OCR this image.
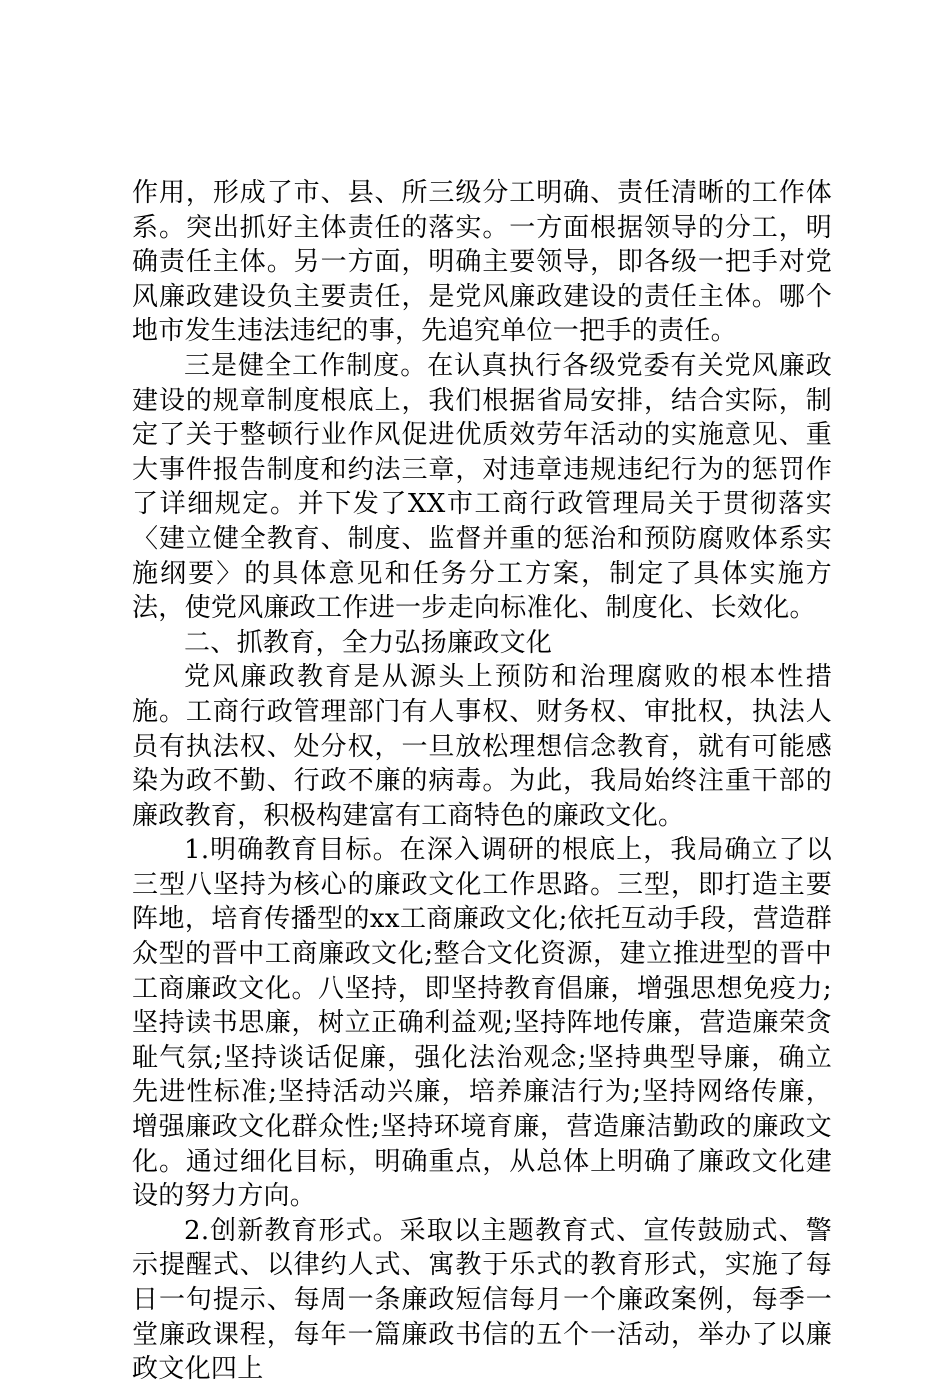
作用，形成了市、县、所三级分工明确、责任清晰的工作体系。突出抓好主体责任的落实。一方面根据领导的分工，明确责任主体。另一方面，明确主要领导，即各级一把手对党风廉政建设负主要责任，是党风廉政建设的责任主体。哪个地市发生违法违纪的事，先追究单位一把手的责任。

三是健全工作制度。在认真执行各级党委有关党风廉政建设的规章制度根底上，我们根据省局安排，结合实际，制定了关于整顿行业作风促进优质效劳年活动的实施意见、重大事件报告制度和约法三章，对违章违规违纪行为的惩罚作了详细规定。并下发了XX市工商行政管理局关于贯彻落实〈建立健全教育、制度、监督并重的惩治和预防腐败体系实施纲要〉的具体意见和任务分工方案，制定了具体实施方法，使党风廉政工作进一步走向标准化、制度化、长效化。

二、抓教育，全力弘扬廉政文化

党风廉政教育是从源头上预防和治理腐败的根本性措施。工商行政管理部门有人事权、财务权、审批权，执法人员有执法权、处分权，一旦放松理想信念教育，就有可能感染为政不勤、行政不廉的病毒。为此，我局始终注重干部的廉政教育，积极构建富有工商特色的廉政文化。

1.明确教育目标。在深入调研的根底上，我局确立了以三型八坚持为核心的廉政文化工作思路。三型，即打造主要阵地，培育传播型的xx工商廉政文化;依托互动手段，营造群众型的晋中工商廉政文化;整合文化资源，建立推进型的晋中工商廉政文化。八坚持，即坚持教育倡廉，增强思想免疫力;坚持读书思廉，树立正确利益观;坚持阵地传廉，营造廉荣贪耻气氛;坚持谈话促廉，强化法治观念;坚持典型导廉，确立先进性标准;坚持活动兴廉，培养廉洁行为;坚持网络传廉，增强廉政文化群众性;坚持环境育廉，营造廉洁勤政的廉政文化。通过细化目标，明确重点，从总体上明确了廉政文化建设的努力方向。

2.创新教育形式。采取以主题教育式、宣传鼓励式、警示提醒式、以律约人式、寓教于乐式的教育形式，实施了每日一句提示、每周一条廉政短信每月一个廉政案例，每季一堂廉政课程，每年一篇廉政书信的五个一活动，举办了以廉政文化四上
